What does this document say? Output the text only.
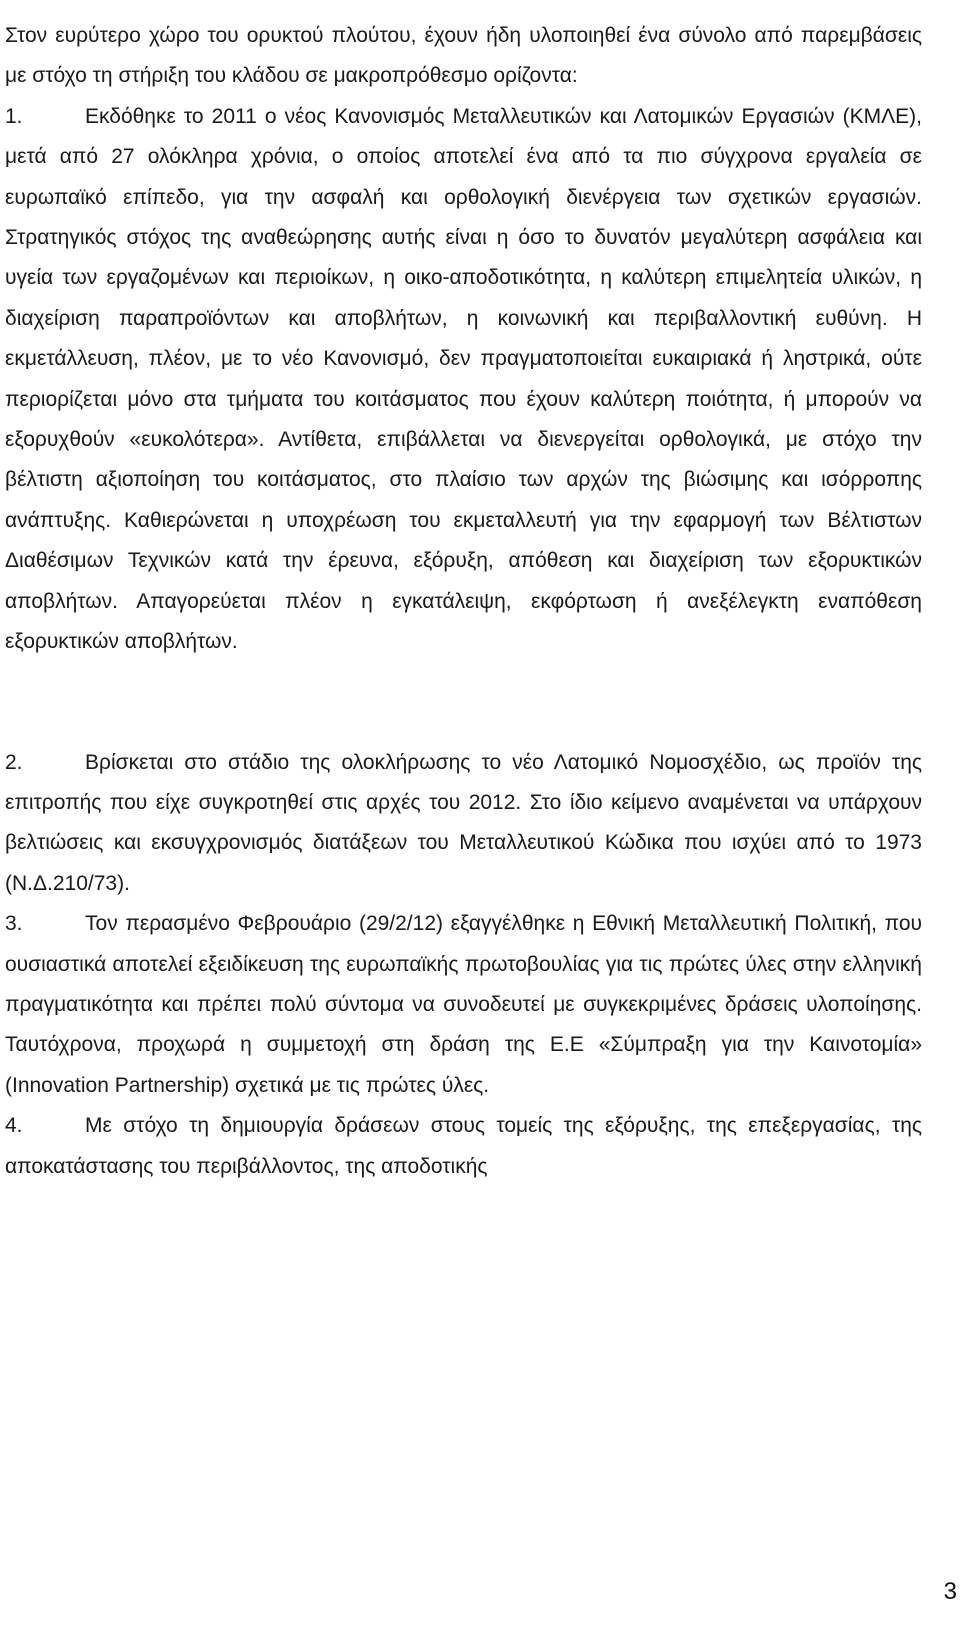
Στον ευρύτερο χώρο του ορυκτού πλούτου, έχουν ήδη υλοποιηθεί ένα σύνολο από παρεμβάσεις με στόχο τη στήριξη του κλάδου σε μακροπρόθεσμο ορίζοντα:

1.	Εκδόθηκε το 2011 ο νέος Κανονισμός Μεταλλευτικών και Λατομικών Εργασιών (ΚΜΛΕ), μετά από 27 ολόκληρα χρόνια, ο οποίος αποτελεί ένα από τα πιο σύγχρονα εργαλεία σε ευρωπαϊκό επίπεδο, για την ασφαλή και ορθολογική διενέργεια των σχετικών εργασιών. Στρατηγικός στόχος της αναθεώρησης αυτής είναι η όσο το δυνατόν μεγαλύτερη ασφάλεια και υγεία των εργαζομένων και περιοίκων, η οικο-αποδοτικότητα, η καλύτερη επιμελητεία υλικών, η διαχείριση παραπροϊόντων και αποβλήτων, η κοινωνική και περιβαλλοντική ευθύνη. Η εκμετάλλευση, πλέον, με το νέο Κανονισμό, δεν πραγματοποιείται ευκαιριακά ή ληστρικά, ούτε περιορίζεται μόνο στα τμήματα του κοιτάσματος που έχουν καλύτερη ποιότητα, ή μπορούν να εξορυχθούν «ευκολότερα». Αντίθετα, επιβάλλεται να διενεργείται ορθολογικά, με στόχο την βέλτιστη αξιοποίηση του κοιτάσματος, στο πλαίσιο των αρχών της βιώσιμης και ισόρροπης ανάπτυξης. Καθιερώνεται η υποχρέωση του εκμεταλλευτή για την εφαρμογή των Βέλτιστων Διαθέσιμων Τεχνικών κατά την έρευνα, εξόρυξη, απόθεση και διαχείριση των εξορυκτικών αποβλήτων. Απαγορεύεται πλέον η εγκατάλειψη, εκφόρτωση ή ανεξέλεγκτη εναπόθεση εξορυκτικών αποβλήτων.

2.	Βρίσκεται στο στάδιο της ολοκλήρωσης το νέο Λατομικό Νομοσχέδιο, ως προϊόν της επιτροπής που είχε συγκροτηθεί στις αρχές του 2012. Στο ίδιο κείμενο αναμένεται να υπάρχουν βελτιώσεις και εκσυγχρονισμός διατάξεων του Μεταλλευτικού Κώδικα που ισχύει από το 1973 (Ν.Δ.210/73).

3.	Τον περασμένο Φεβρουάριο (29/2/12) εξαγγέλθηκε η Εθνική Μεταλλευτική Πολιτική, που ουσιαστικά αποτελεί εξειδίκευση της ευρωπαϊκής πρωτοβουλίας για τις πρώτες ύλες στην ελληνική πραγματικότητα και πρέπει πολύ σύντομα να συνοδευτεί με συγκεκριμένες δράσεις υλοποίησης. Ταυτόχρονα, προχωρά η συμμετοχή στη δράση της Ε.Ε «Σύμπραξη για την Καινοτομία» (Innovation Partnership) σχετικά με τις πρώτες ύλες.

4.	Με στόχο τη δημιουργία δράσεων στους τομείς της εξόρυξης, της επεξεργασίας, της αποκατάστασης του περιβάλλοντος, της αποδοτικής

3
